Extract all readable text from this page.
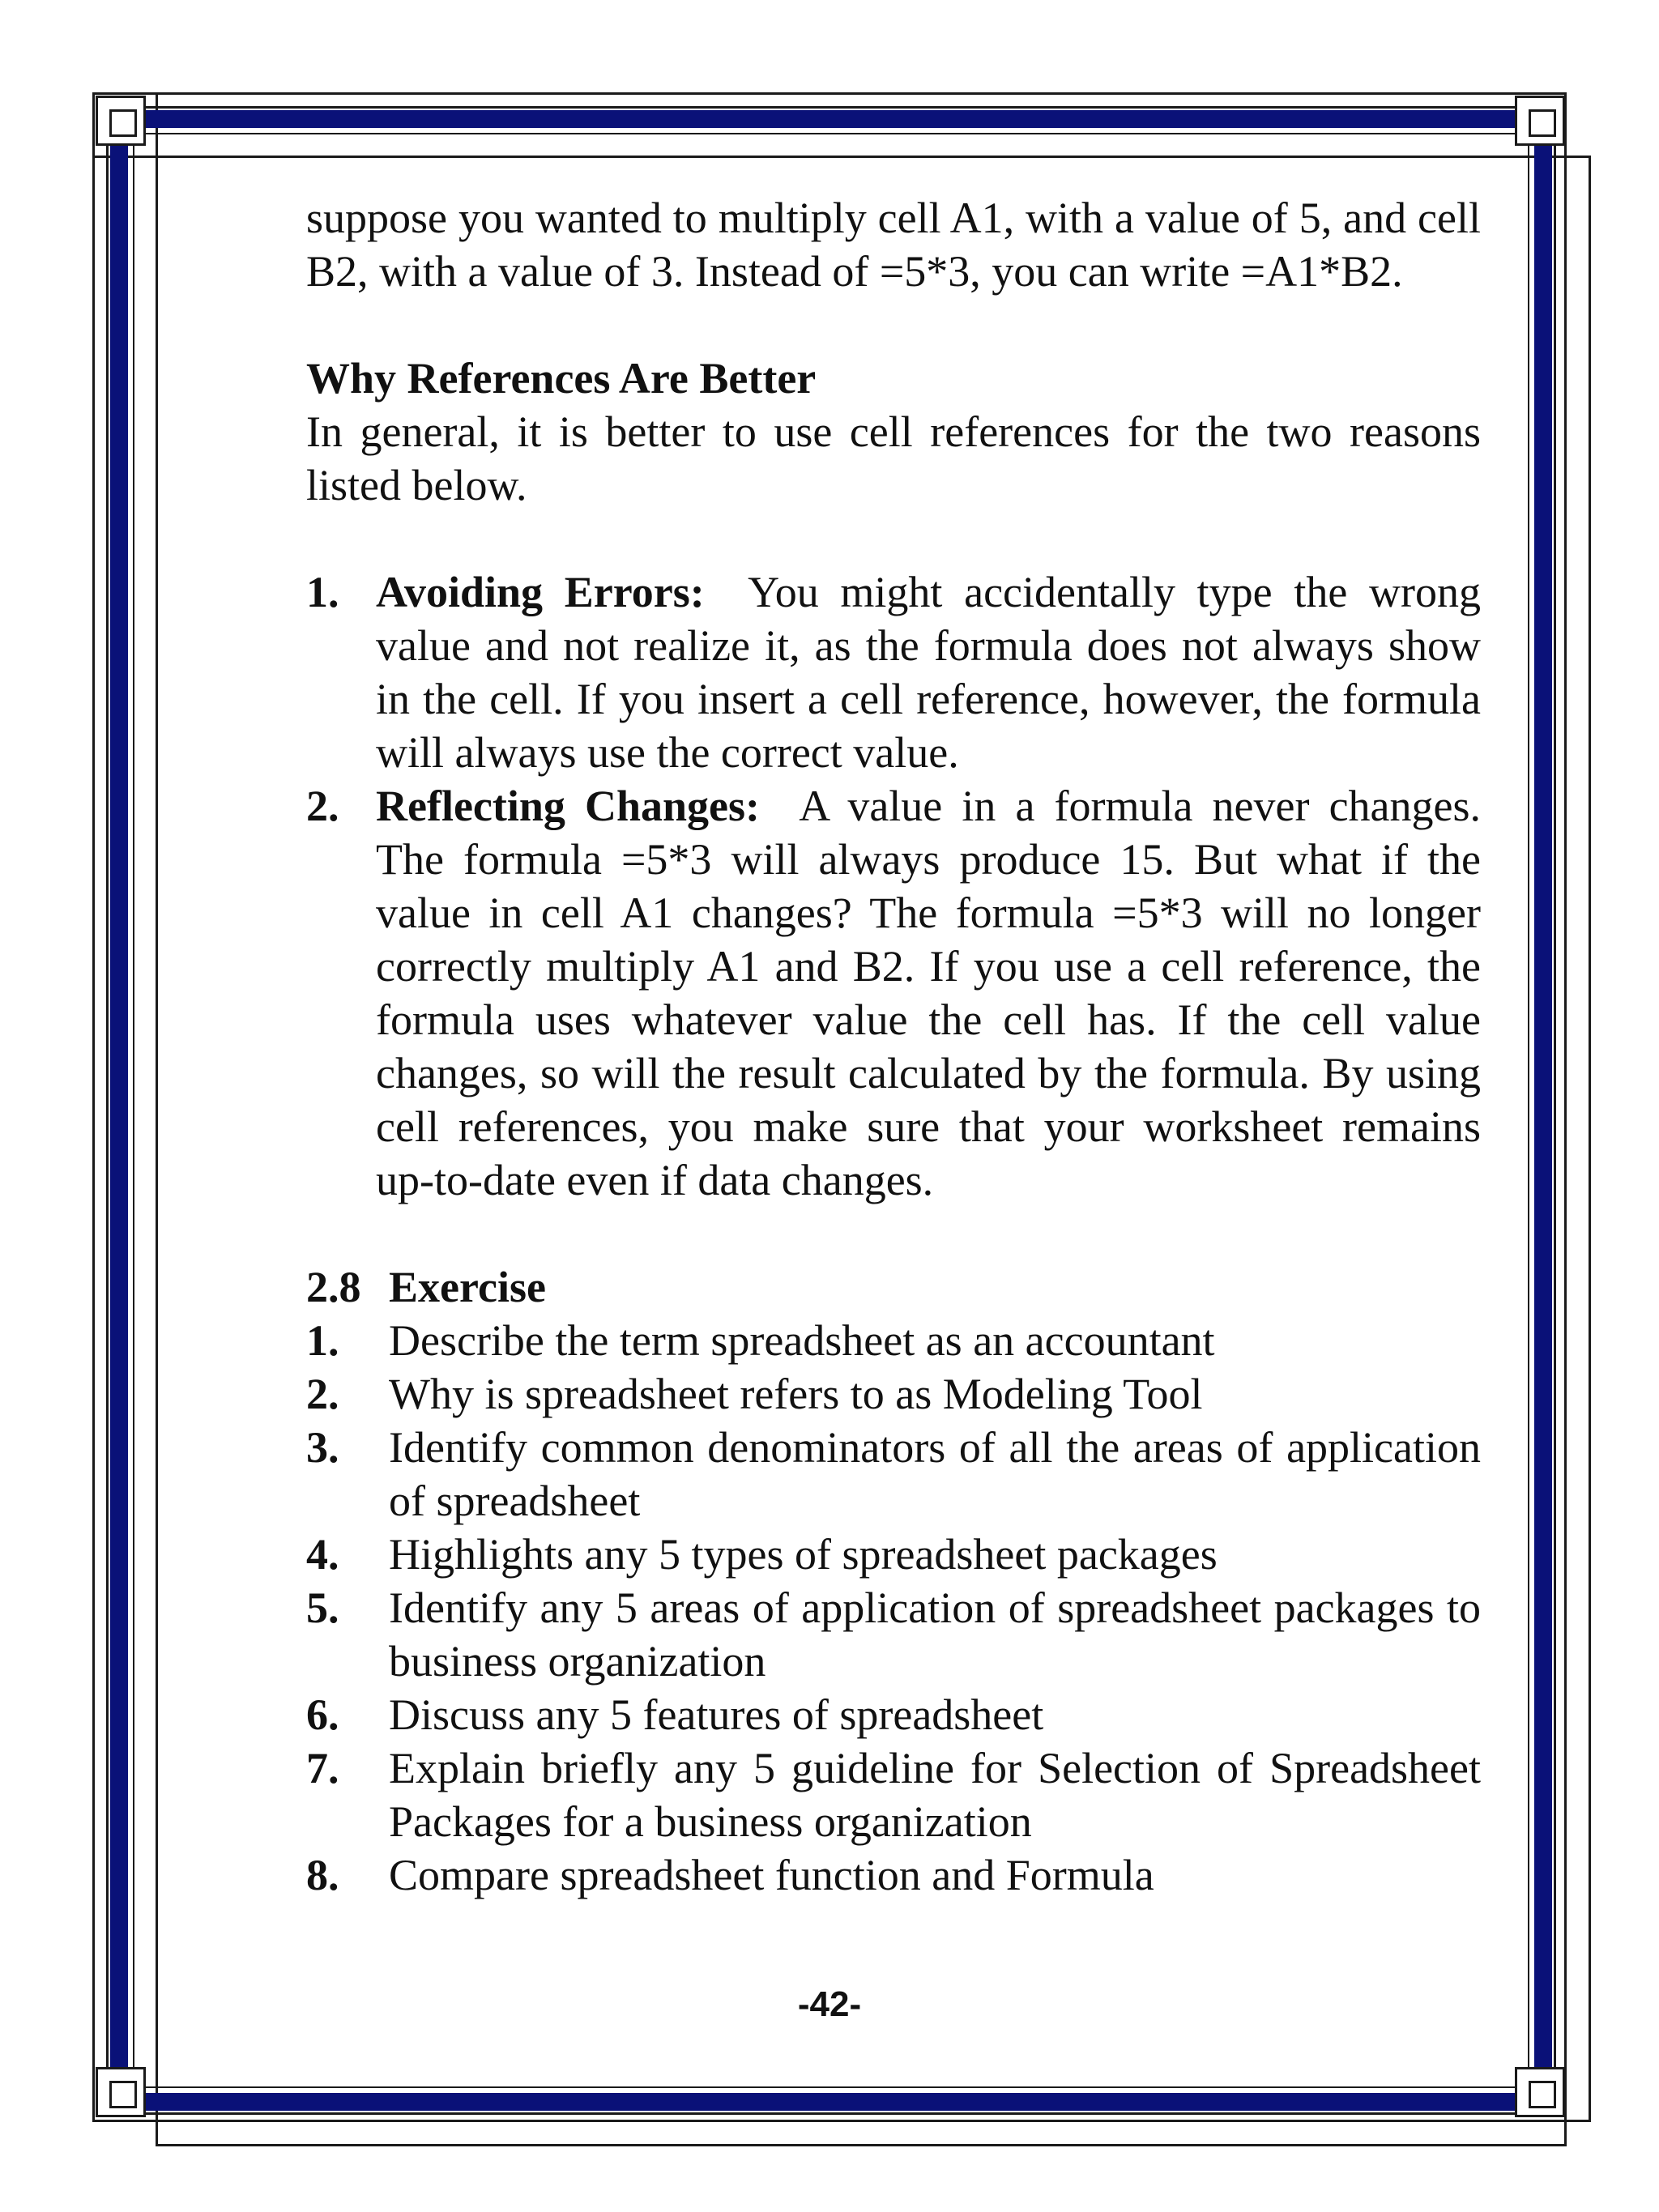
suppose you wanted to multiply cell A1, with a value of 5, and cell B2, with a value of 3. Instead of =5*3, you can write =A1*B2.

Why References Are Better

In general, it is better to use cell references for the two reasons listed below.

1. Avoiding Errors:  You might accidentally type the wrong value and not realize it, as the formula does not always show in the cell. If you insert a cell reference, however, the formula will always use the correct value.
2. Reflecting Changes:  A value in a formula never changes. The formula =5*3 will always produce 15. But what if the value in cell A1 changes? The formula =5*3 will no longer correctly multiply A1 and B2. If you use a cell reference, the formula uses whatever value the cell has. If the cell value changes, so will the result calculated by the formula. By using cell references, you make sure that your worksheet remains up-to-date even if data changes.

2.8 Exercise

1. Describe the term spreadsheet as an accountant
2. Why is spreadsheet refers to as Modeling Tool
3. Identify common denominators of all the areas of application of spreadsheet
4. Highlights any 5 types of spreadsheet packages
5. Identify any 5 areas of application of spreadsheet packages to business organization
6. Discuss any 5 features of spreadsheet
7. Explain briefly any 5 guideline for Selection of Spreadsheet Packages for a business organization
8. Compare spreadsheet function and Formula
-42-
